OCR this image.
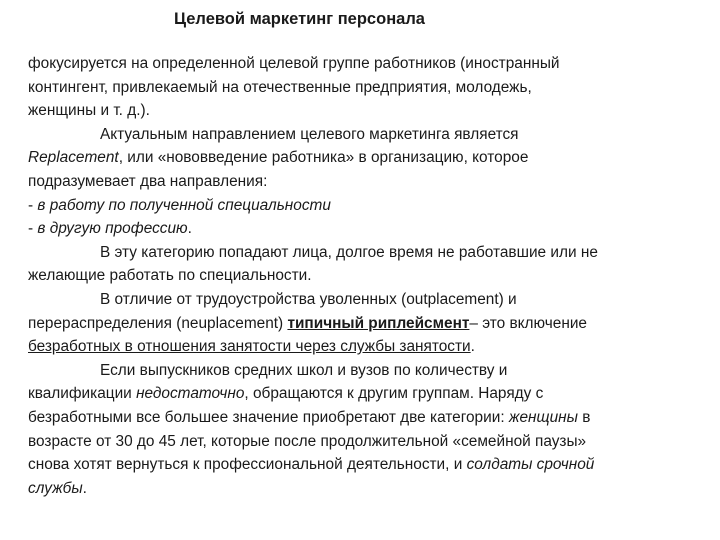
Целевой маркетинг персонала
фокусируется на определенной целевой группе работников (иностранный
контингент, привлекаемый на отечественные предприятия, молодежь,
женщины и т. д.).
Актуальным направлением целевого маркетинга является
Replacement, или «нововведение работника» в организацию, которое
подразумевает два направления:
- в работу по полученной специальности
- в другую профессию.
В эту категорию попадают лица, долгое время не работавшие или не
желающие работать по специальности.
В отличие от трудоустройства уволенных (outplacement) и
перераспределения (neuplacement) типичный риплейсмент– это включение
безработных в отношения занятости через службы занятости.
Если выпускников средних школ и вузов по количеству и
квалификации недостаточно, обращаются к другим группам. Наряду с
безработными все большее значение приобретают две категории: женщины в
возрасте от 30 до 45 лет, которые после продолжительной «семейной паузы»
снова хотят вернуться к профессиональной деятельности, и солдаты срочной
службы.
